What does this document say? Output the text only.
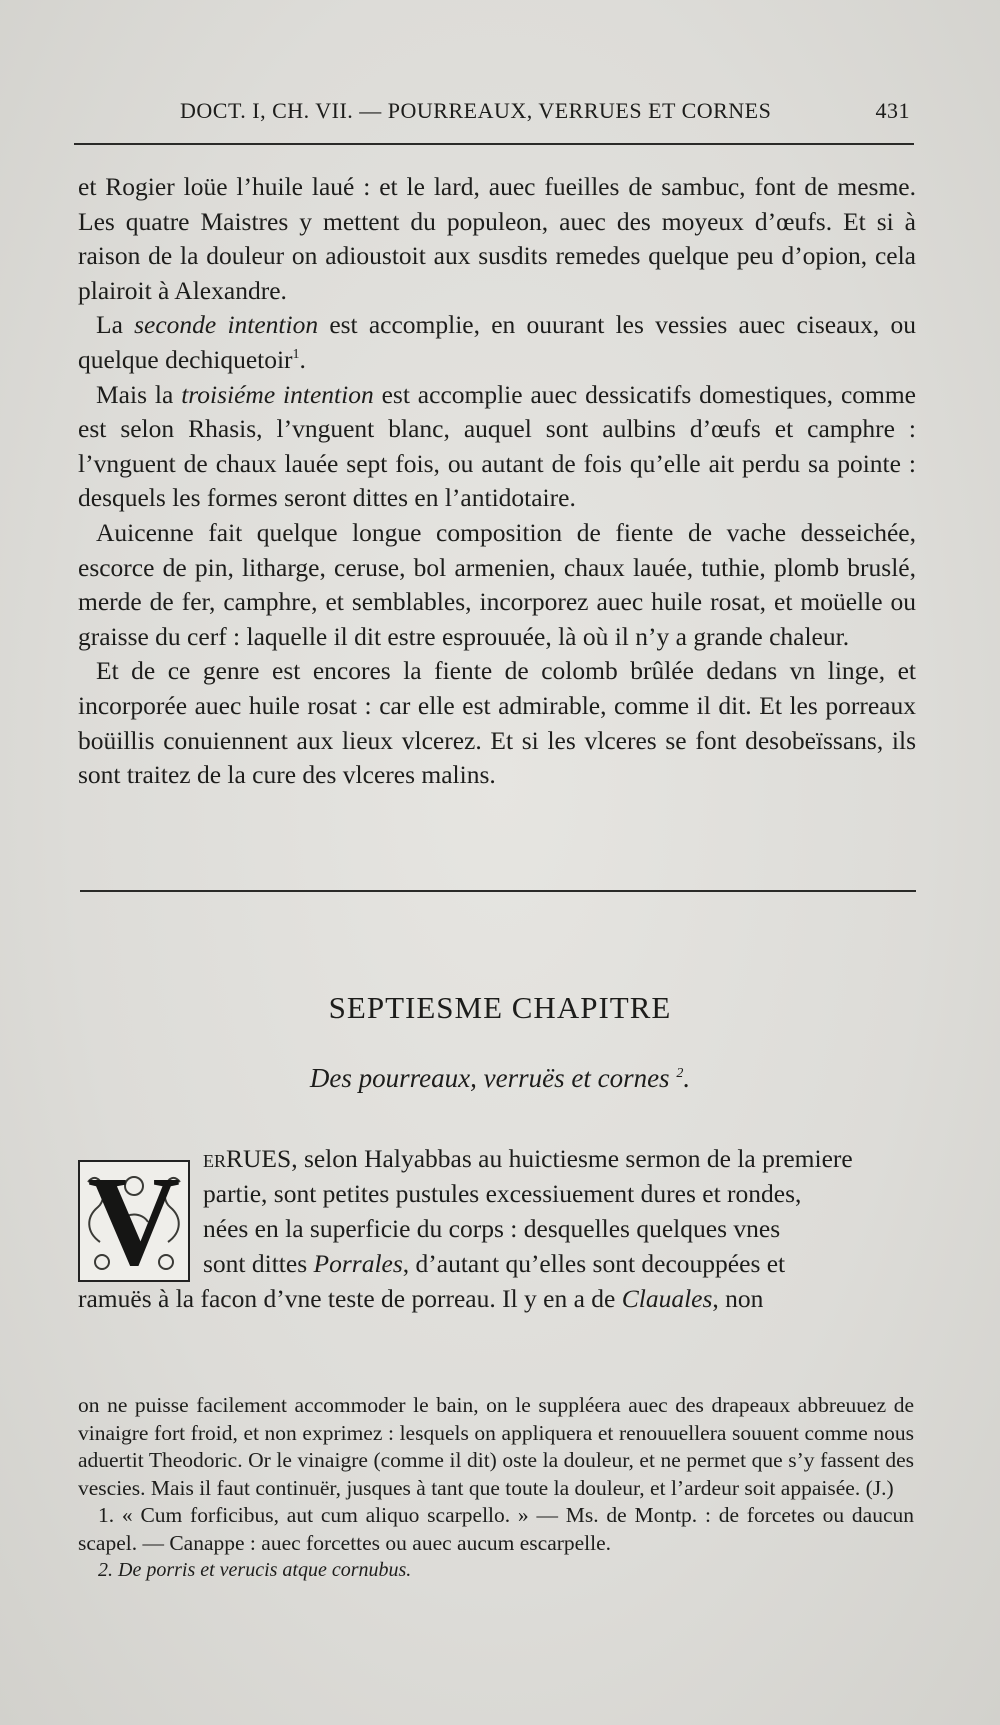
DOCT. I, CH. VII. — POURREAUX, VERRUES ET CORNES	431

et Rogier loüe l’huile laué : et le lard, auec fueilles de sambuc, font de mesme. Les quatre Maistres y mettent du populeon, auec des moyeux d’œufs. Et si à raison de la douleur on adioustoit aux susdits remedes quelque peu d’opion, cela plairoit à Alexandre.

La seconde intention est accomplie, en ouurant les vessies auec ciseaux, ou quelque dechiquetoir$^1$.

Mais la troisiéme intention est accomplie auec dessicatifs domestiques, comme est selon Rhasis, l’vnguent blanc, auquel sont aulbins d’œufs et camphre : l’vnguent de chaux lauée sept fois, ou autant de fois qu’elle ait perdu sa pointe : desquels les formes seront dittes en l’antidotaire.

Auicenne fait quelque longue composition de fiente de vache desseichée, escorce de pin, litharge, ceruse, bol armenien, chaux lauée, tuthie, plomb bruslé, merde de fer, camphre, et semblables, incorporez auec huile rosat, et moüelle ou graisse du cerf : laquelle il dit estre esprouuée, là où il n’y a grande chaleur.

Et de ce genre est encores la fiente de colomb brûlée dedans vn linge, et incorporée auec huile rosat : car elle est admirable, comme il dit. Et les porreaux boüillis conuiennent aux lieux vlcerez. Et si les vlceres se font desobeïssans, ils sont traitez de la cure des vlceres malins.

SEPTIESME CHAPITRE
Des pourreaux, verruës et cornes $^2$.
V erRUES, selon Halyabbas au huictiesme sermon de la premiere
partie, sont petites pustules excessiuement dures et rondes,
nées en la superficie du corps : desquelles quelques vnes
sont dittes Porrales, d’autant qu’elles sont decouppées et
ramuës à la facon d’vne teste de porreau. Il y en a de Clauales, non

on ne puisse facilement accommoder le bain, on le suppléera auec des drapeaux abbreuuez de vinaigre fort froid, et non exprimez : lesquels on appliquera et renouuellera souuent comme nous aduertit Theodoric. Or le vinaigre (comme il dit) oste la douleur, et ne permet que s’y fassent des vescies. Mais il faut continuër, jusques à tant que toute la douleur, et l’ardeur soit appaisée. (J.)

1. « Cum forficibus, aut cum aliquo scarpello. » — Ms. de Montp. : de forcetes ou daucun scapel. — Canappe : auec forcettes ou auec aucum escarpelle.

2. De porris et verucis atque cornubus.
